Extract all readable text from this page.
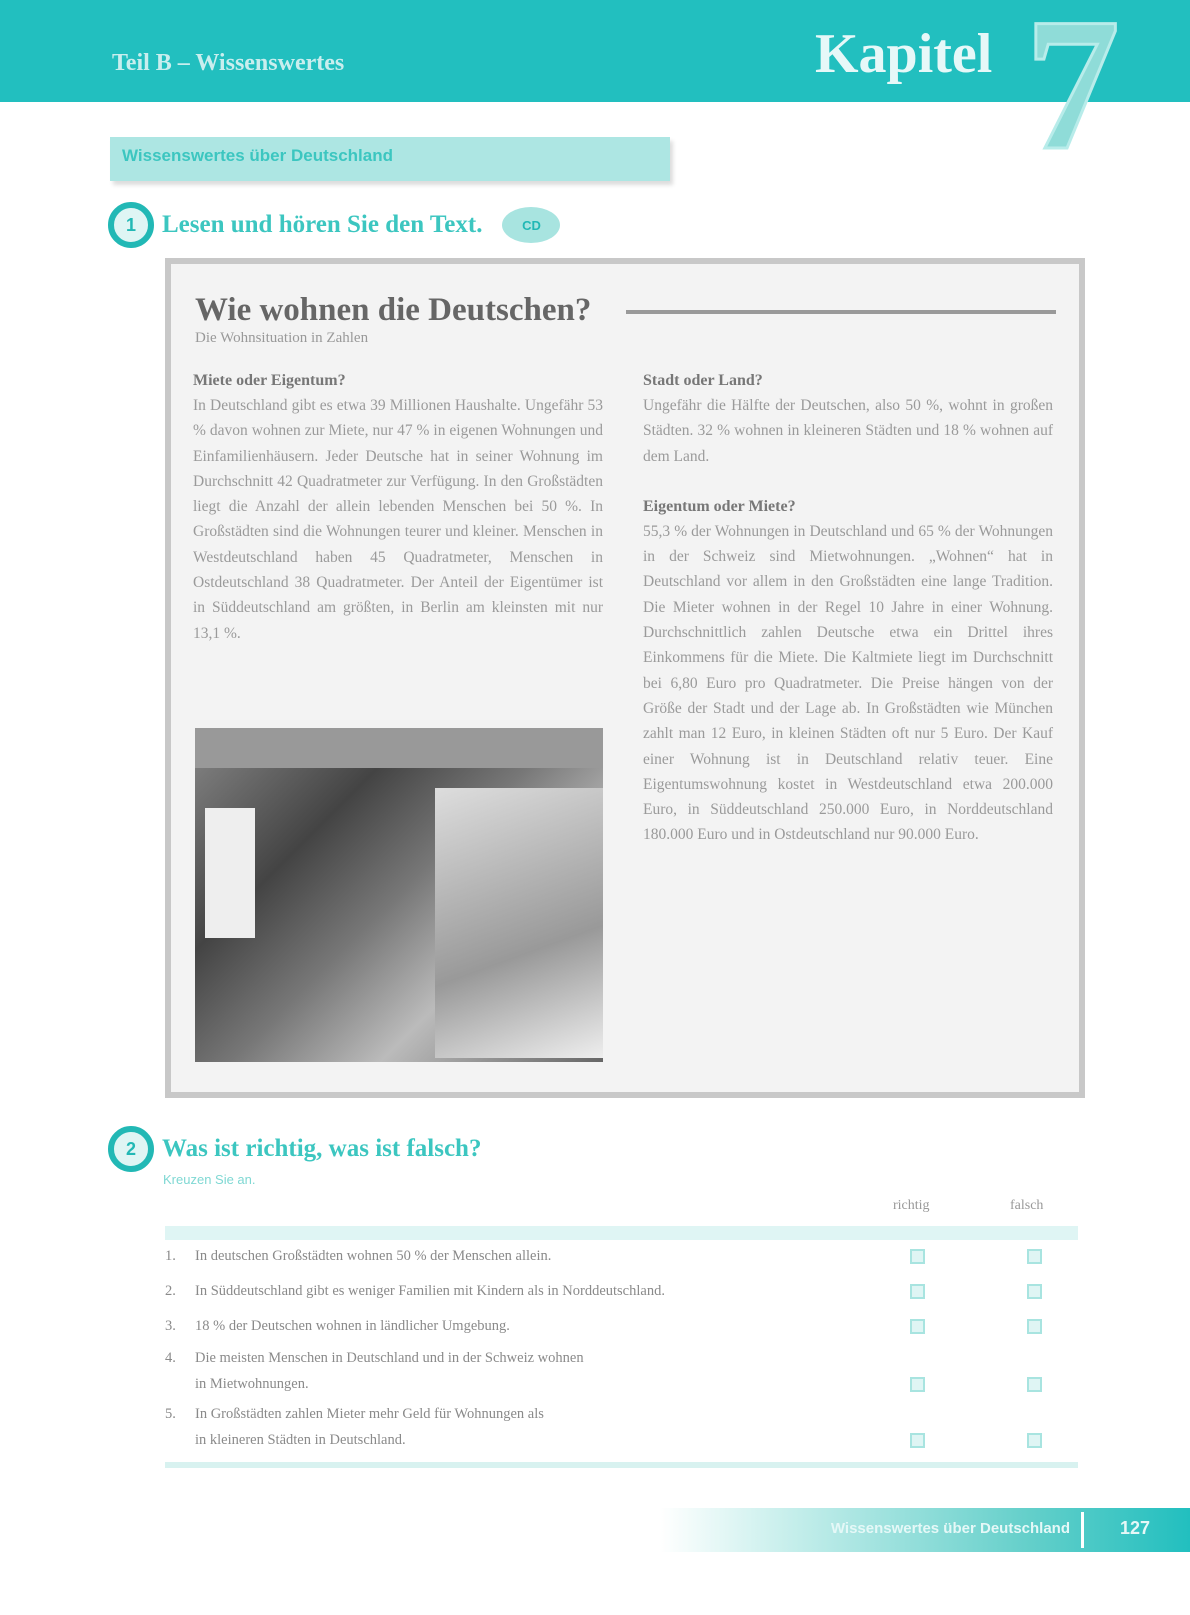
Teil B – Wissenswertes	Kapitel 7
Wissenswertes über Deutschland
1	Lesen und hören Sie den Text.	CD
Wie wohnen die Deutschen?
Die Wohnsituation in Zahlen
Miete oder Eigentum?

In Deutschland gibt es etwa 39 Millionen Haushalte. Ungefähr 53 % davon wohnen zur Miete, nur 47 % in eigenen Wohnungen und Einfamilienhäusern. Jeder Deutsche hat in seiner Wohnung im Durchschnitt 42 Quadratmeter zur Verfügung. In den Großstädten liegt die Anzahl der allein lebenden Menschen bei 50 %. In Großstädten sind die Wohnungen teurer und kleiner. Menschen in Westdeutschland haben 45 Quadratmeter, Menschen in Ostdeutschland 38 Quadratmeter. Der Anteil der Eigentümer ist in Süddeutschland am größten, in Berlin am kleinsten mit nur 13,1 %.

Stadt oder Land?

Ungefähr die Hälfte der Deutschen, also 50 %, wohnt in großen Städten. 32 % wohnen in kleineren Städten und 18 % wohnen auf dem Land.

Eigentum oder Miete?

55,3 % der Wohnungen in Deutschland und 65 % der Wohnungen in der Schweiz sind Mietwohnungen. „Wohnen“ hat in Deutschland vor allem in den Großstädten eine lange Tradition. Die Mieter wohnen in der Regel 10 Jahre in einer Wohnung. Durchschnittlich zahlen Deutsche etwa ein Drittel ihres Einkommens für die Miete. Die Kaltmiete liegt im Durchschnitt bei 6,80 Euro pro Quadratmeter. Die Preise hängen von der Größe der Stadt und der Lage ab. In Großstädten wie München zahlt man 12 Euro, in kleinen Städten oft nur 5 Euro. Der Kauf einer Wohnung ist in Deutschland relativ teuer. Eine Eigentumswohnung kostet in Westdeutschland etwa 200.000 Euro, in Süddeutschland 250.000 Euro, in Norddeutschland 180.000 Euro und in Ostdeutschland nur 90.000 Euro.

2	Was ist richtig, was ist falsch?
Kreuzen Sie an.
richtig	falsch
1. In deutschen Großstädten wohnen 50 % der Menschen allein.
2. In Süddeutschland gibt es weniger Familien mit Kindern als in Norddeutschland.
3. 18 % der Deutschen wohnen in ländlicher Umgebung.
4. Die meisten Menschen in Deutschland und in der Schweiz wohnen
in Mietwohnungen.
5. In Großstädten zahlen Mieter mehr Geld für Wohnungen als
in kleineren Städten in Deutschland.
Wissenswertes über Deutschland	127
